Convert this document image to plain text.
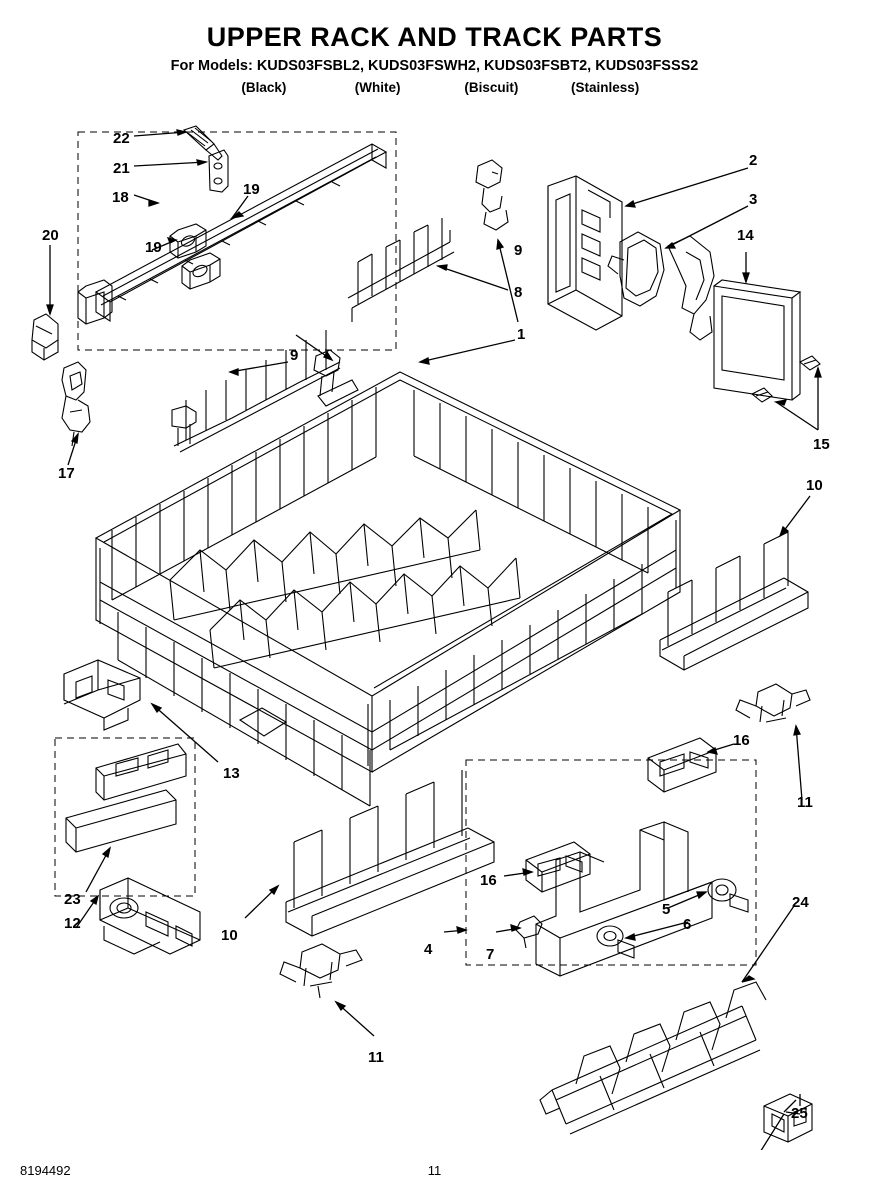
UPPER RACK AND TRACK PARTS
For Models: KUDS03FSBL2, KUDS03FSWH2, KUDS03FSBT2, KUDS03FSSS2
(Black)	(White)	(Biscuit)	(Stainless)
22
21
18	19
19
20
17
9
8
9
1
2
3
14
15
10
11
13
23
12
10
11
16
16
4	7
5
6
24
25
8194492	11
